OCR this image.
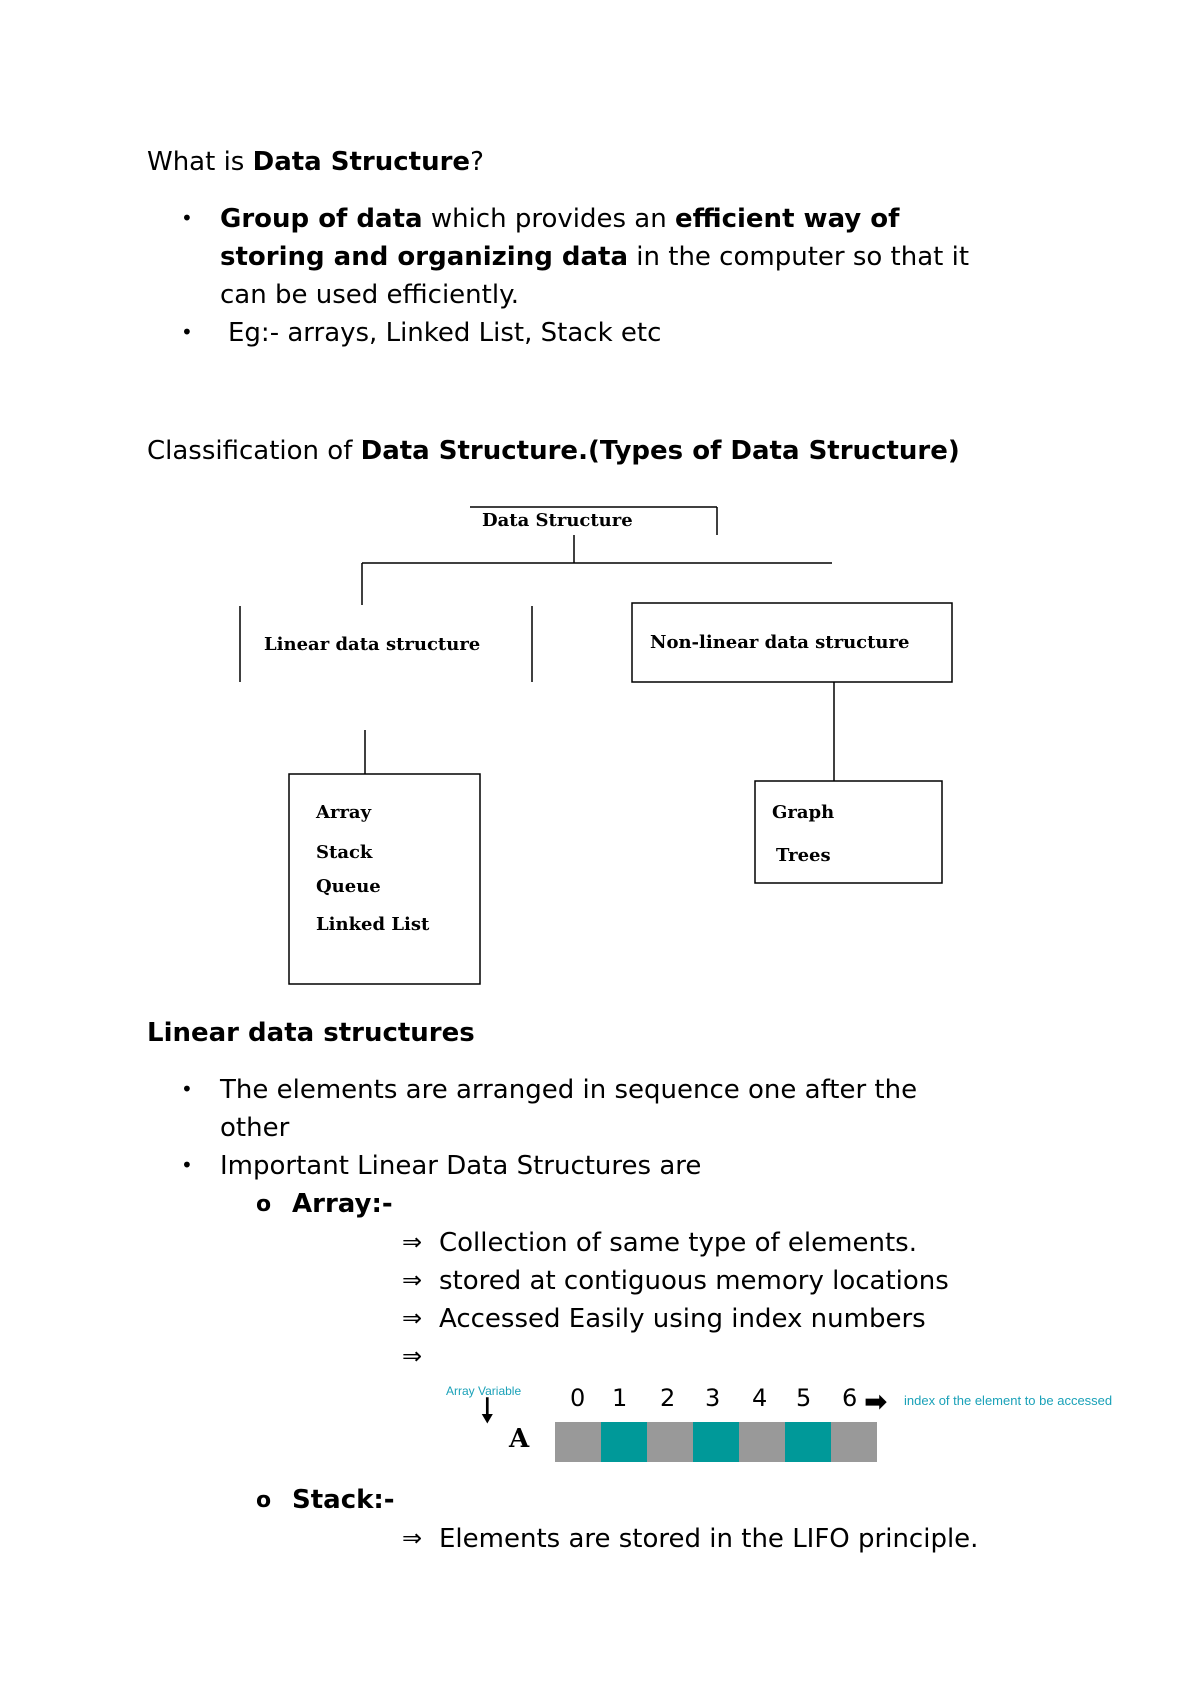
What is Data Structure?
• Group of data which provides an efficient way of
storing and organizing data in the computer so that it
can be used efficiently.
• Eg:- arrays, Linked List, Stack etc
Classification of Data Structure.(Types of Data Structure)
Data Structure
Linear data structure	Non-linear data structure
Array
Stack
Queue
Linked List
Graph
Trees
Linear data structures
• The elements are arranged in sequence one after the
other
• Important Linear Data Structures are
o Array:-
⇒ Collection of same type of elements.
⇒ stored at contiguous memory locations
⇒ Accessed Easily using index numbers
⇒
Array Variable
🠗
A
0 1 2 3 4 5 6 ➡ index of the element to be accessed
o Stack:-
⇒ Elements are stored in the LIFO principle.
